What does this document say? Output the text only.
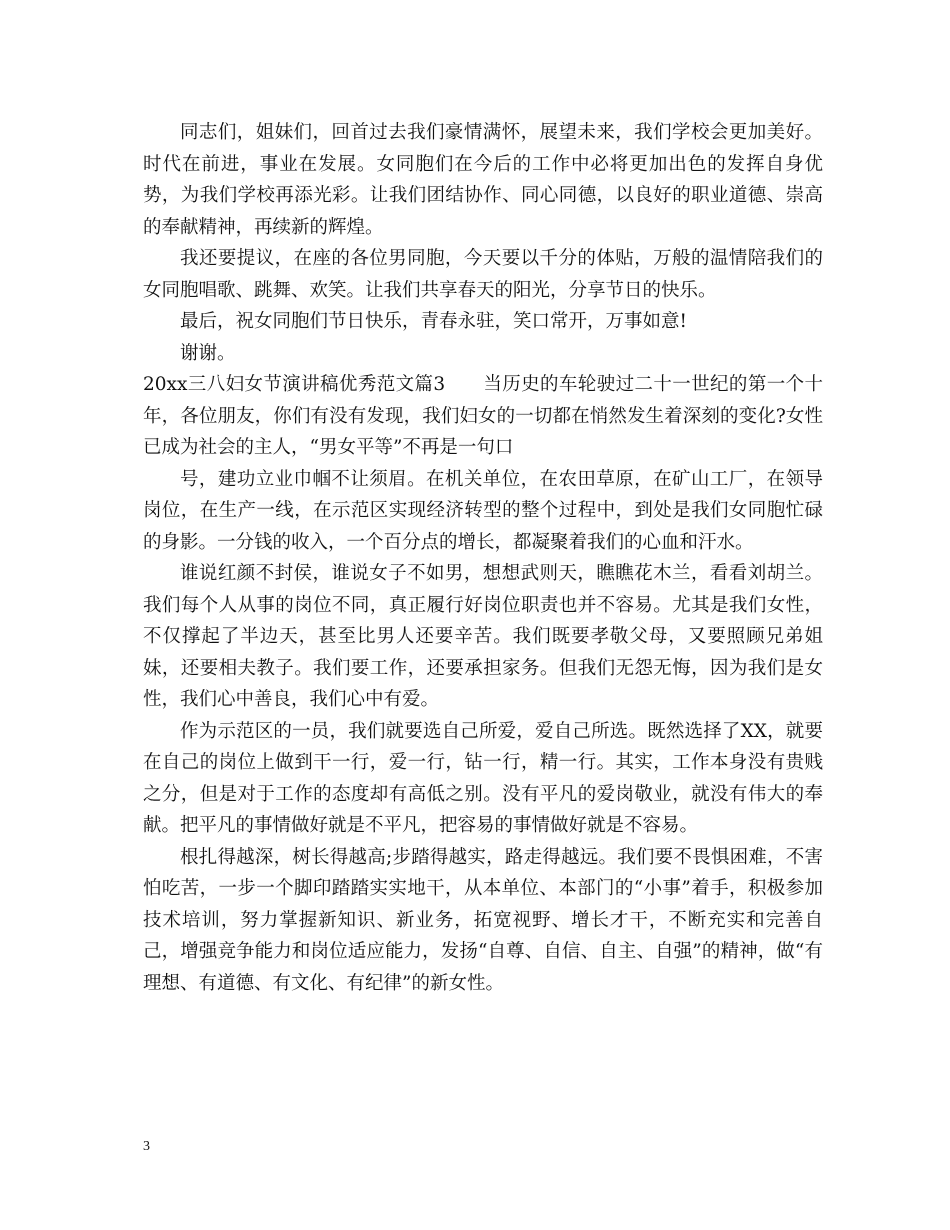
同志们，姐妹们，回首过去我们豪情满怀，展望未来，我们学校会更加美好。时代在前进，事业在发展。女同胞们在今后的工作中必将更加出色的发挥自身优势，为我们学校再添光彩。让我们团结协作、同心同德，以良好的职业道德、崇高的奉献精神，再续新的辉煌。

我还要提议，在座的各位男同胞，今天要以千分的体贴，万般的温情陪我们的女同胞唱歌、跳舞、欢笑。让我们共享春天的阳光，分享节日的快乐。

最后，祝女同胞们节日快乐，青春永驻，笑口常开，万事如意!

谢谢。

20xx三八妇女节演讲稿优秀范文篇3　　当历史的车轮驶过二十一世纪的第一个十年，各位朋友，你们有没有发现，我们妇女的一切都在悄然发生着深刻的变化?女性已成为社会的主人，“男女平等”不再是一句口

号，建功立业巾帼不让须眉。在机关单位，在农田草原，在矿山工厂，在领导岗位，在生产一线，在示范区实现经济转型的整个过程中，到处是我们女同胞忙碌的身影。一分钱的收入，一个百分点的增长，都凝聚着我们的心血和汗水。

谁说红颜不封侯，谁说女子不如男，想想武则天，瞧瞧花木兰，看看刘胡兰。我们每个人从事的岗位不同，真正履行好岗位职责也并不容易。尤其是我们女性，不仅撑起了半边天，甚至比男人还要辛苦。我们既要孝敬父母，又要照顾兄弟姐妹，还要相夫教子。我们要工作，还要承担家务。但我们无怨无悔，因为我们是女性，我们心中善良，我们心中有爱。

作为示范区的一员，我们就要选自己所爱，爱自己所选。既然选择了XX，就要在自己的岗位上做到干一行，爱一行，钻一行，精一行。其实，工作本身没有贵贱之分，但是对于工作的态度却有高低之别。没有平凡的爱岗敬业，就没有伟大的奉献。把平凡的事情做好就是不平凡，把容易的事情做好就是不容易。

根扎得越深，树长得越高;步踏得越实，路走得越远。我们要不畏惧困难，不害怕吃苦，一步一个脚印踏踏实实地干，从本单位、本部门的“小事”着手，积极参加技术培训，努力掌握新知识、新业务，拓宽视野、增长才干，不断充实和完善自己，增强竞争能力和岗位适应能力，发扬“自尊、自信、自主、自强”的精神，做“有理想、有道德、有文化、有纪律”的新女性。

3
